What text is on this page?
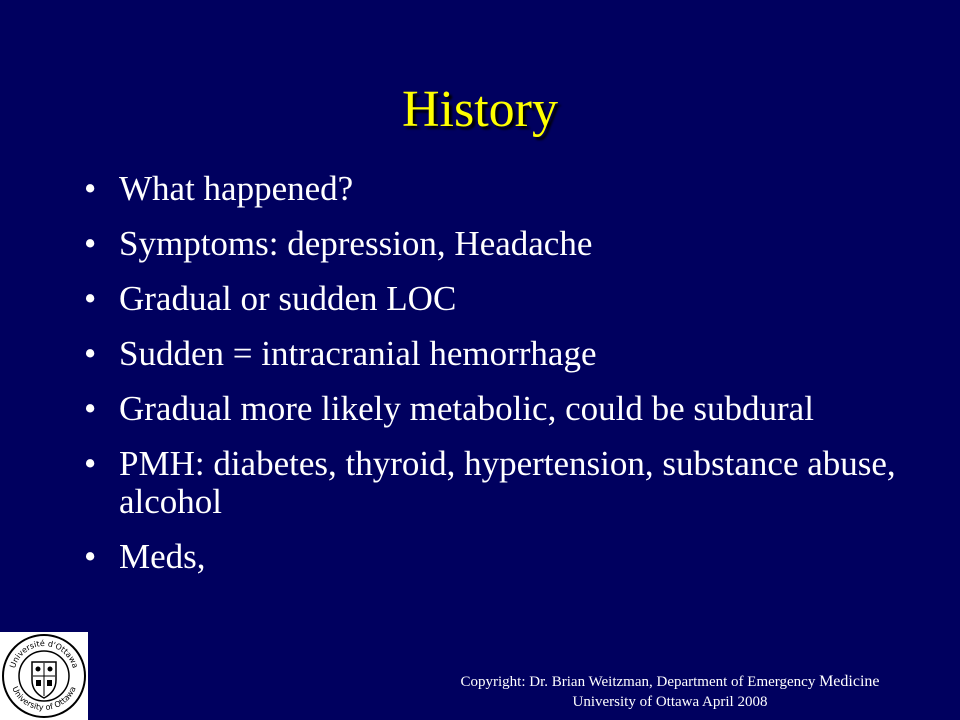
History
• What happened?
• Symptoms: depression, Headache
• Gradual or sudden LOC
• Sudden = intracranial hemorrhage
• Gradual more likely metabolic, could be subdural
• PMH: diabetes, thyroid, hypertension, substance abuse, alcohol
• Meds,
Université d'Ottawa
University of Ottawa	Copyright: Dr. Brian Weitzman, Department of Emergency Medicine
University of Ottawa April 2008
